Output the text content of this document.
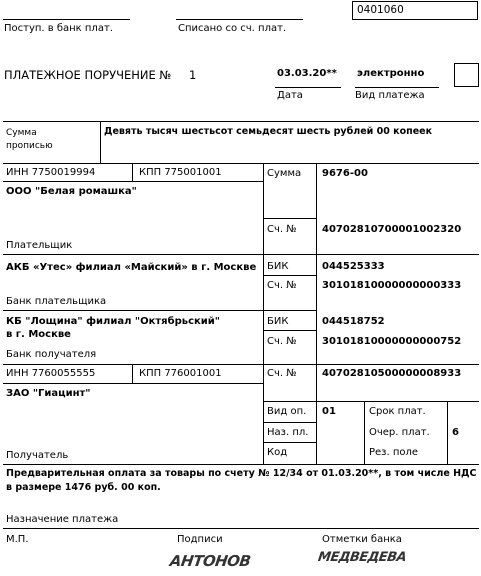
0401060
Поступ. в банк плат.	Списано со сч. плат.
ПЛАТЕЖНОЕ ПОРУЧЕНИЕ № 1	03.03.20**
Дата
электронно
Вид платежа
Сумма
прописью
Девять тысяч шестьсот семьдесят шесть рублей 00 копеек
ИНН 7750019994	КПП 775001001
ООО "Белая ромашка"
Плательщик
АКБ «Утес» филиал «Майский» в г. Москве
Банк плательщика
КБ "Лощина" филиал "Октябрьский"
в г. Москве
Банк получателя
ИНН 7760055555	КПП 776001001
ЗАО "Гиацинт"
Получатель
Сумма 9676-00
Сч. №	40702810700001002320
БИК	044525333
Сч. №	30101810000000000333
БИК	044518752
Сч. №	30101810000000000752
Сч. №	40702810500000008933
Вид оп. 01
Наз. пл.
Код
Срок плат.
Очер. плат. 6
Рез. поле
Предварительная оплата за товары по счету № 12/34 от 01.03.20**, в том числе НДС
в размере 1476 руб. 00 коп.
Назначение платежа
М.П.	Подписи	Отметки банка
АНТОНОВ	МЕДВЕДЕВА
